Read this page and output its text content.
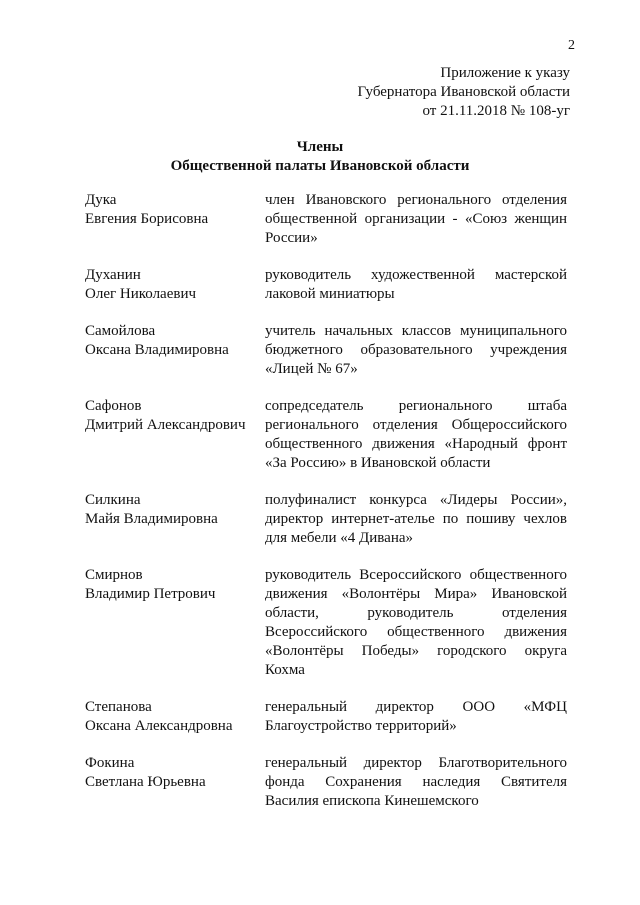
2
Приложение к указу
Губернатора Ивановской области
от 21.11.2018 № 108-уг
Члены
Общественной палаты Ивановской области
Дука
Евгения Борисовна
член Ивановского регионального отделения
общественной организации - «Союз женщин
России»
Духанин
Олег Николаевич
руководитель художественной мастерской
лаковой миниатюры
Самойлова
Оксана Владимировна
учитель начальных классов муниципального
бюджетного образовательного учреждения
«Лицей № 67»
Сафонов
Дмитрий Александрович
сопредседатель регионального штаба
регионального отделения Общероссийского
общественного движения «Народный фронт
«За Россию» в Ивановской области
Силкина
Майя Владимировна
полуфиналист конкурса «Лидеры России»,
директор интернет-ателье по пошиву чехлов
для мебели «4 Дивана»
Смирнов
Владимир Петрович
руководитель Всероссийского общественного
движения «Волонтёры Мира» Ивановской
области, руководитель отделения
Всероссийского общественного движения
«Волонтёры Победы» городского округа
Кохма
Степанова
Оксана Александровна
генеральный директор ООО «МФЦ
Благоустройство территорий»
Фокина
Светлана Юрьевна
генеральный директор Благотворительного
фонда Сохранения наследия Святителя
Василия епископа Кинешемского
